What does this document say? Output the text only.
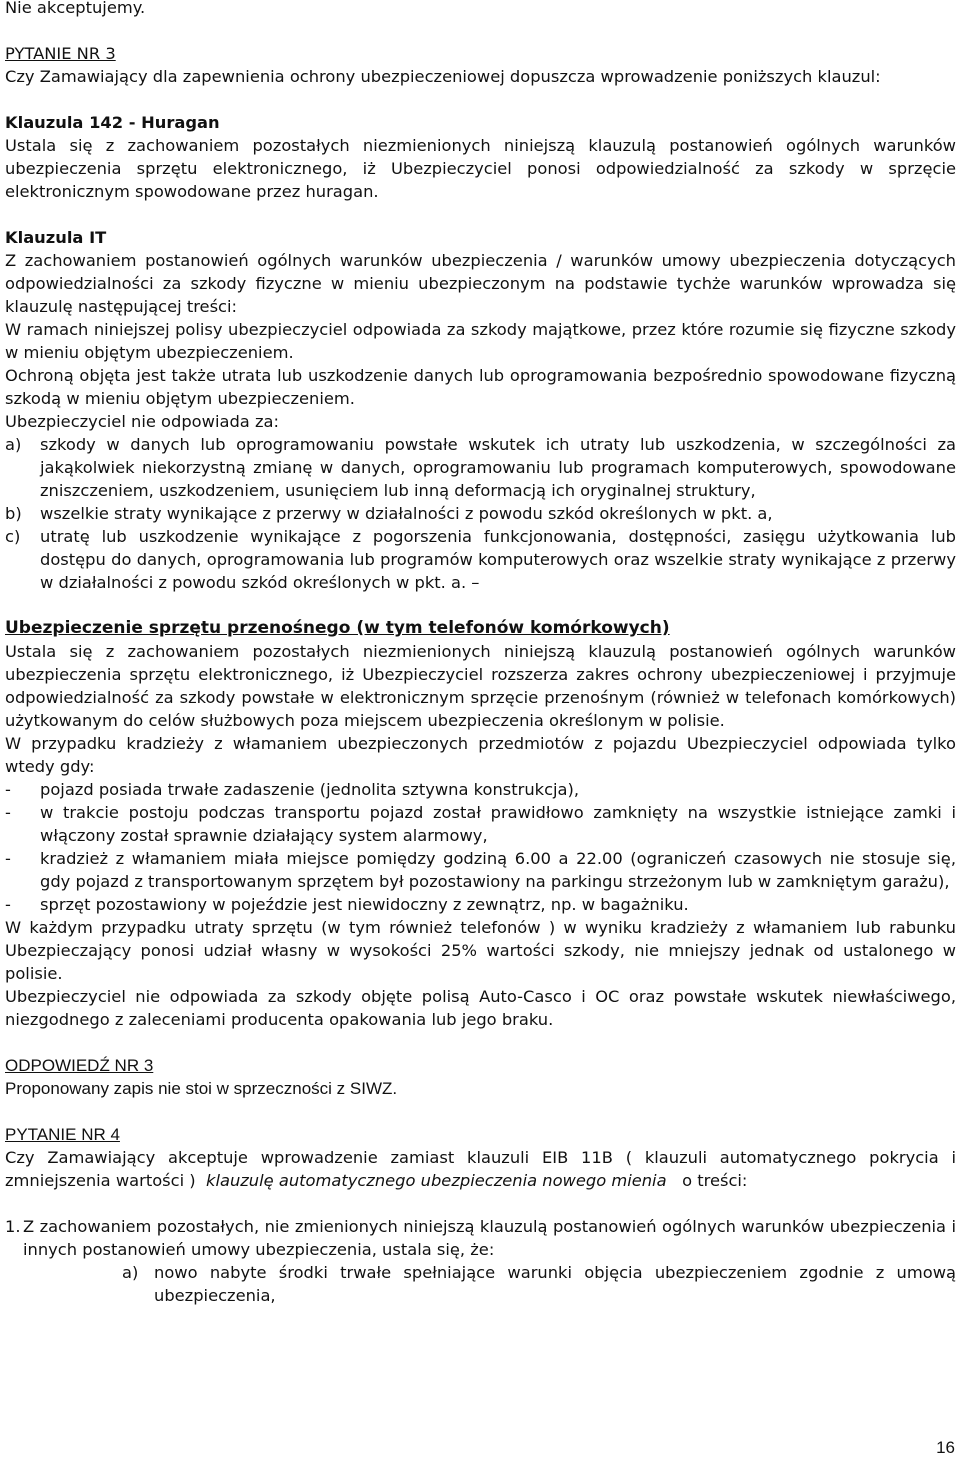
Nie akceptujemy.

PYTANIE NR 3

Czy Zamawiający dla zapewnienia ochrony ubezpieczeniowej dopuszcza wprowadzenie poniższych klauzul:

Klauzula 142 - Huragan

Ustala się z zachowaniem pozostałych niezmienionych niniejszą klauzulą postanowień ogólnych warunków ubezpieczenia sprzętu elektronicznego, iż Ubezpieczyciel ponosi odpowiedzialność za szkody w sprzęcie elektronicznym spowodowane przez huragan.

Klauzula IT

Z zachowaniem postanowień ogólnych warunków ubezpieczenia / warunków umowy ubezpieczenia dotyczących odpowiedzialności za szkody fizyczne w mieniu ubezpieczonym na podstawie tychże warunków wprowadza się klauzulę następującej treści:

W ramach niniejszej polisy ubezpieczyciel odpowiada za szkody majątkowe, przez które rozumie się fizyczne szkody w mieniu objętym ubezpieczeniem.

Ochroną objęta jest także utrata lub uszkodzenie danych lub oprogramowania bezpośrednio spowodowane fizyczną szkodą w mieniu objętym ubezpieczeniem.

Ubezpieczyciel nie odpowiada za:

a)	szkody w danych lub oprogramowaniu powstałe wskutek ich utraty lub uszkodzenia, w szczególności za jakąkolwiek niekorzystną zmianę w danych, oprogramowaniu lub programach komputerowych, spowodowane zniszczeniem, uszkodzeniem, usunięciem lub inną deformacją ich oryginalnej struktury,
b)	wszelkie straty wynikające z przerwy w działalności z powodu szkód określonych w pkt. a,
c)	utratę lub uszkodzenie wynikające z pogorszenia funkcjonowania, dostępności, zasięgu użytkowania lub dostępu do danych, oprogramowania lub programów komputerowych oraz wszelkie straty wynikające z przerwy w działalności z powodu szkód określonych w pkt. a. –

Ubezpieczenie sprzętu przenośnego (w tym telefonów komórkowych)

Ustala się z zachowaniem pozostałych niezmienionych niniejszą klauzulą postanowień ogólnych warunków ubezpieczenia sprzętu elektronicznego, iż Ubezpieczyciel rozszerza zakres ochrony ubezpieczeniowej i przyjmuje odpowiedzialność za szkody powstałe w elektronicznym sprzęcie przenośnym (również w telefonach komórkowych) użytkowanym do celów służbowych poza miejscem ubezpieczenia określonym w polisie.

W przypadku kradzieży z włamaniem ubezpieczonych przedmiotów z pojazdu Ubezpieczyciel odpowiada tylko wtedy gdy:

-	pojazd posiada trwałe zadaszenie (jednolita sztywna konstrukcja),
-	w trakcie postoju podczas transportu pojazd został prawidłowo zamknięty na wszystkie istniejące zamki i włączony został sprawnie działający system alarmowy,
-	kradzież z włamaniem miała miejsce pomiędzy godziną 6.00 a 22.00 (ograniczeń czasowych nie stosuje się, gdy pojazd z transportowanym sprzętem był pozostawiony na parkingu strzeżonym lub w zamkniętym garażu),
-	sprzęt pozostawiony w pojeździe jest niewidoczny z zewnątrz, np. w bagażniku.

W każdym przypadku utraty sprzętu (w tym również telefonów ) w wyniku kradzieży z włamaniem lub rabunku Ubezpieczający ponosi udział własny w wysokości 25% wartości szkody, nie mniejszy jednak od ustalonego w polisie.

Ubezpieczyciel nie odpowiada za szkody objęte polisą Auto-Casco i OC oraz powstałe wskutek niewłaściwego, niezgodnego z zaleceniami producenta opakowania lub jego braku.

ODPOWIEDŹ NR 3

Proponowany zapis nie stoi w sprzeczności z SIWZ.

PYTANIE NR 4

Czy Zamawiający akceptuje wprowadzenie zamiast klauzuli EIB 11B ( klauzuli automatycznego pokrycia i zmniejszenia wartości ) klauzulę automatycznego ubezpieczenia nowego mienia o treści:

1. Z zachowaniem pozostałych, nie zmienionych niniejszą klauzulą postanowień ogólnych warunków ubezpieczenia i innych postanowień umowy ubezpieczenia, ustala się, że:
a) nowo nabyte środki trwałe spełniające warunki objęcia ubezpieczeniem zgodnie z umową ubezpieczenia,
16
